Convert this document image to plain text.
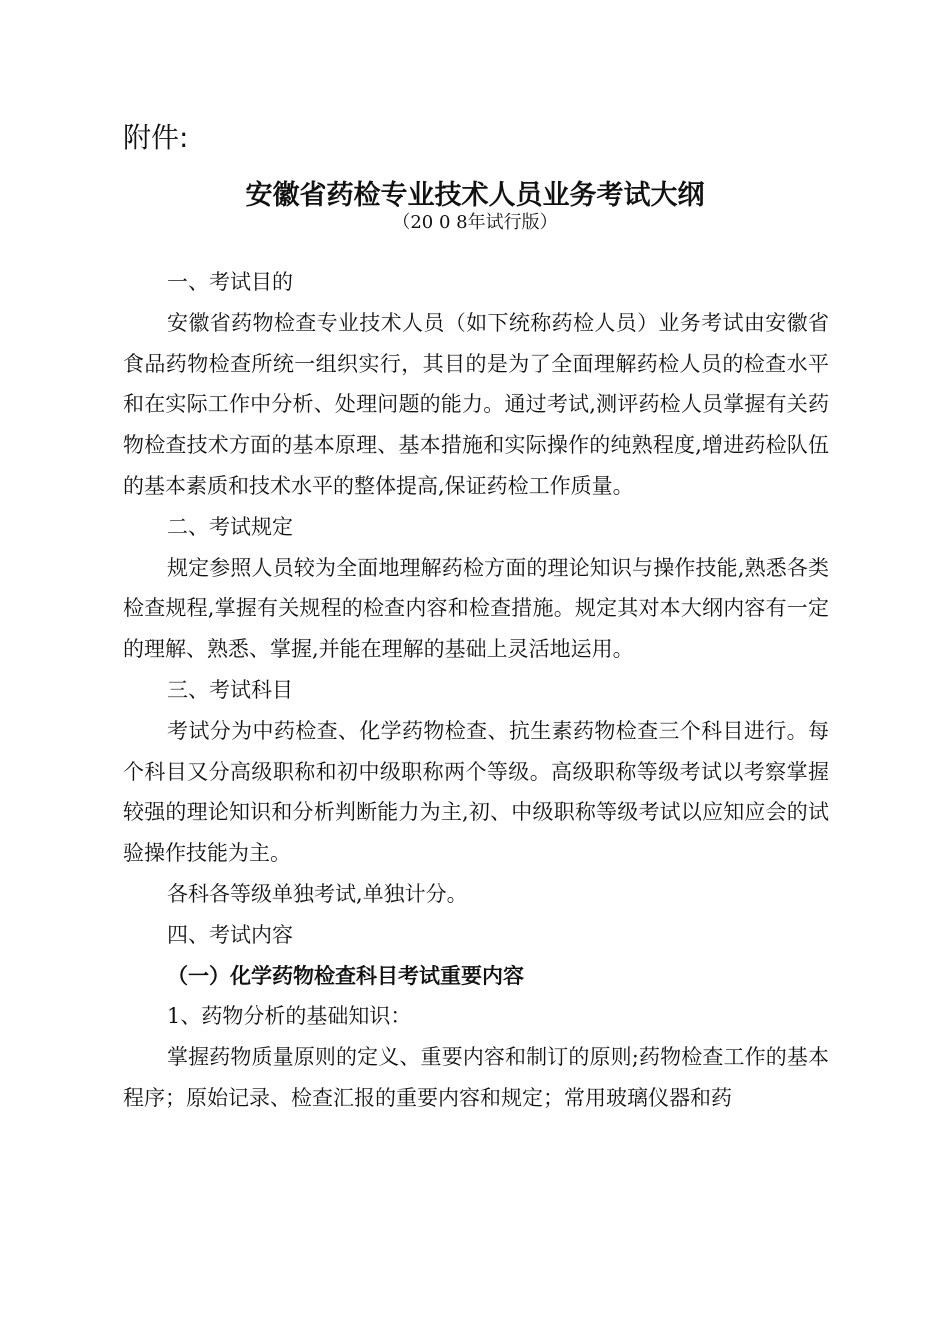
附件:
安徽省药检专业技术人员业务考试大纲
（20 0 8年试行版）

一、考试目的

安徽省药物检查专业技术人员（如下统称药检人员）业务考试由安徽省食品药物检查所统一组织实行，其目的是为了全面理解药检人员的检查水平和在实际工作中分析、处理问题的能力。通过考试,测评药检人员掌握有关药物检查技术方面的基本原理、基本措施和实际操作的纯熟程度,增进药检队伍的基本素质和技术水平的整体提高,保证药检工作质量。

二、考试规定

规定参照人员较为全面地理解药检方面的理论知识与操作技能,熟悉各类检查规程,掌握有关规程的检查内容和检查措施。规定其对本大纲内容有一定的理解、熟悉、掌握,并能在理解的基础上灵活地运用。

三、考试科目

考试分为中药检查、化学药物检查、抗生素药物检查三个科目进行。每个科目又分高级职称和初中级职称两个等级。高级职称等级考试以考察掌握较强的理论知识和分析判断能力为主,初、中级职称等级考试以应知应会的试验操作技能为主。

各科各等级单独考试,单独计分。

四、考试内容

（一）化学药物检查科目考试重要内容

1、药物分析的基础知识：

掌握药物质量原则的定义、重要内容和制订的原则;药物检查工作的基本程序；原始记录、检查汇报的重要内容和规定；常用玻璃仪器和药
